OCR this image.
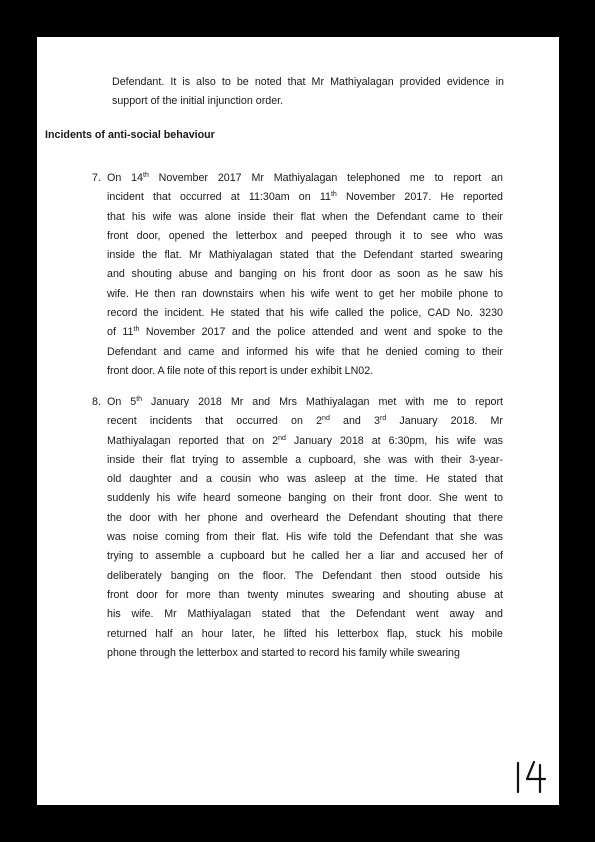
Defendant. It is also to be noted that Mr Mathiyalagan provided evidence in support of the initial injunction order.
Incidents of anti-social behaviour
7. On 14th November 2017 Mr Mathiyalagan telephoned me to report an
incident that occurred at 11:30am on 11th November 2017. He reported
that his wife was alone inside their flat when the Defendant came to their
front door, opened the letterbox and peeped through it to see who was
inside the flat. Mr Mathiyalagan stated that the Defendant started swearing
and shouting abuse and banging on his front door as soon as he saw his
wife. He then ran downstairs when his wife went to get her mobile phone to
record the incident. He stated that his wife called the police, CAD No. 3230
of 11th November 2017 and the police attended and went and spoke to the
Defendant and came and informed his wife that he denied coming to their
front door. A file note of this report is under exhibit LN02.
8. On 5th January 2018 Mr and Mrs Mathiyalagan met with me to report
recent incidents that occurred on 2nd and 3rd January 2018. Mr
Mathiyalagan reported that on 2nd January 2018 at 6:30pm, his wife was
inside their flat trying to assemble a cupboard, she was with their 3-year-
old daughter and a cousin who was asleep at the time. He stated that
suddenly his wife heard someone banging on their front door. She went to
the door with her phone and overheard the Defendant shouting that there
was noise coming from their flat. His wife told the Defendant that she was
trying to assemble a cupboard but he called her a liar and accused her of
deliberately banging on the floor. The Defendant then stood outside his
front door for more than twenty minutes swearing and shouting abuse at
his wife. Mr Mathiyalagan stated that the Defendant went away and
returned half an hour later, he lifted his letterbox flap, stuck his mobile
phone through the letterbox and started to record his family while swearing
